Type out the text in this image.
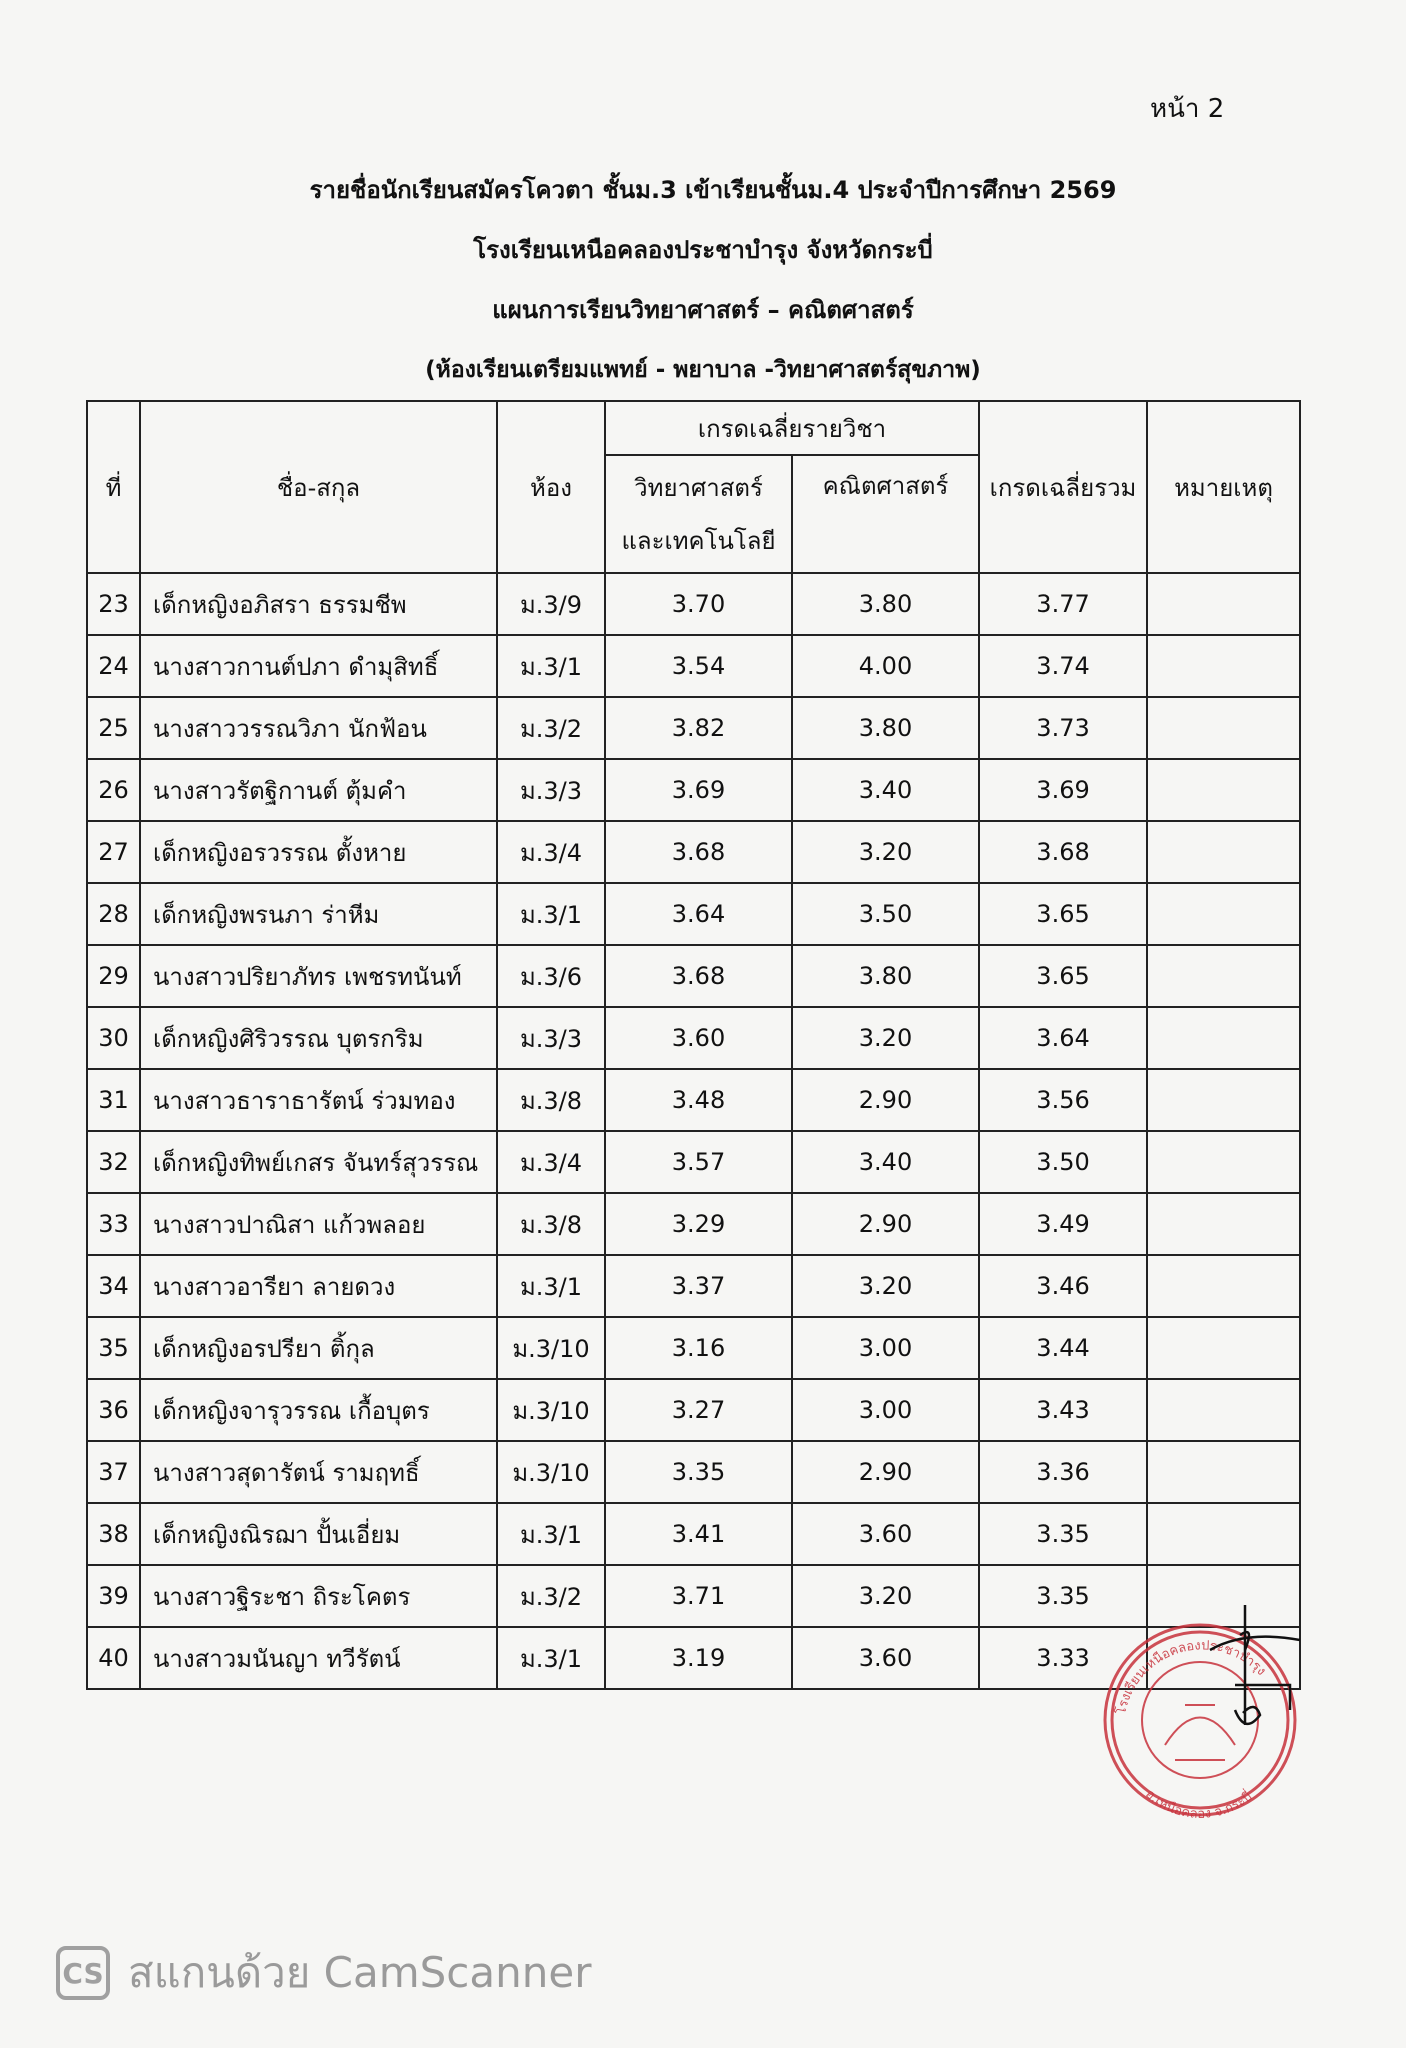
หน้า 2
รายชื่อนักเรียนสมัครโควตา ชั้นม.3 เข้าเรียนชั้นม.4 ประจำปีการศึกษา 2569
โรงเรียนเหนือคลองประชาบำรุง จังหวัดกระบี่
แผนการเรียนวิทยาศาสตร์ – คณิตศาสตร์
(ห้องเรียนเตรียมแพทย์ - พยาบาล -วิทยาศาสตร์สุขภาพ)
ที่	ชื่อ-สกุล	ห้อง	เกรดเฉลี่ยรายวิชา		เกรดเฉลี่ยรวม	หมายเหตุ
			วิทยาศาสตร์
และเทคโนโลยี	คณิตศาสตร์		
23	เด็กหญิงอภิสรา ธรรมชีพ	ม.3/9	3.70	3.80	3.77	
24	นางสาวกานต์ปภา ดำมุสิทธิ์	ม.3/1	3.54	4.00	3.74	
25	นางสาววรรณวิภา นักฟ้อน	ม.3/2	3.82	3.80	3.73	
26	นางสาวรัตฐิกานต์ ตุ้มคำ	ม.3/3	3.69	3.40	3.69	
27	เด็กหญิงอรวรรณ ตั้งหาย	ม.3/4	3.68	3.20	3.68	
28	เด็กหญิงพรนภา ร่าหีม	ม.3/1	3.64	3.50	3.65	
29	นางสาวปริยาภัทร เพชรทนันท์	ม.3/6	3.68	3.80	3.65	
30	เด็กหญิงศิริวรรณ บุตรกริม	ม.3/3	3.60	3.20	3.64	
31	นางสาวธาราธารัตน์ ร่วมทอง	ม.3/8	3.48	2.90	3.56	
32	เด็กหญิงทิพย์เกสร จันทร์สุวรรณ	ม.3/4	3.57	3.40	3.50	
33	นางสาวปาณิสา แก้วพลอย	ม.3/8	3.29	2.90	3.49	
34	นางสาวอารียา ลายดวง	ม.3/1	3.37	3.20	3.46	
35	เด็กหญิงอรปรียา ติ้กุล	ม.3/10	3.16	3.00	3.44	
36	เด็กหญิงจารุวรรณ เกื้อบุตร	ม.3/10	3.27	3.00	3.43	
37	นางสาวสุดารัตน์ รามฤทธิ์	ม.3/10	3.35	2.90	3.36	
38	เด็กหญิงณิรฌา ปั้นเอี่ยม	ม.3/1	3.41	3.60	3.35	
39	นางสาวฐิระชา ถิระโคตร	ม.3/2	3.71	3.20	3.35	
40	นางสาวมนันญา ทวีรัตน์	ม.3/1	3.19	3.60	3.33	
โรงเรียนเหนือคลองประชาบำรุง
อ.เหนือคลอง จ.กระบี่
CS สแกนด้วย CamScanner
